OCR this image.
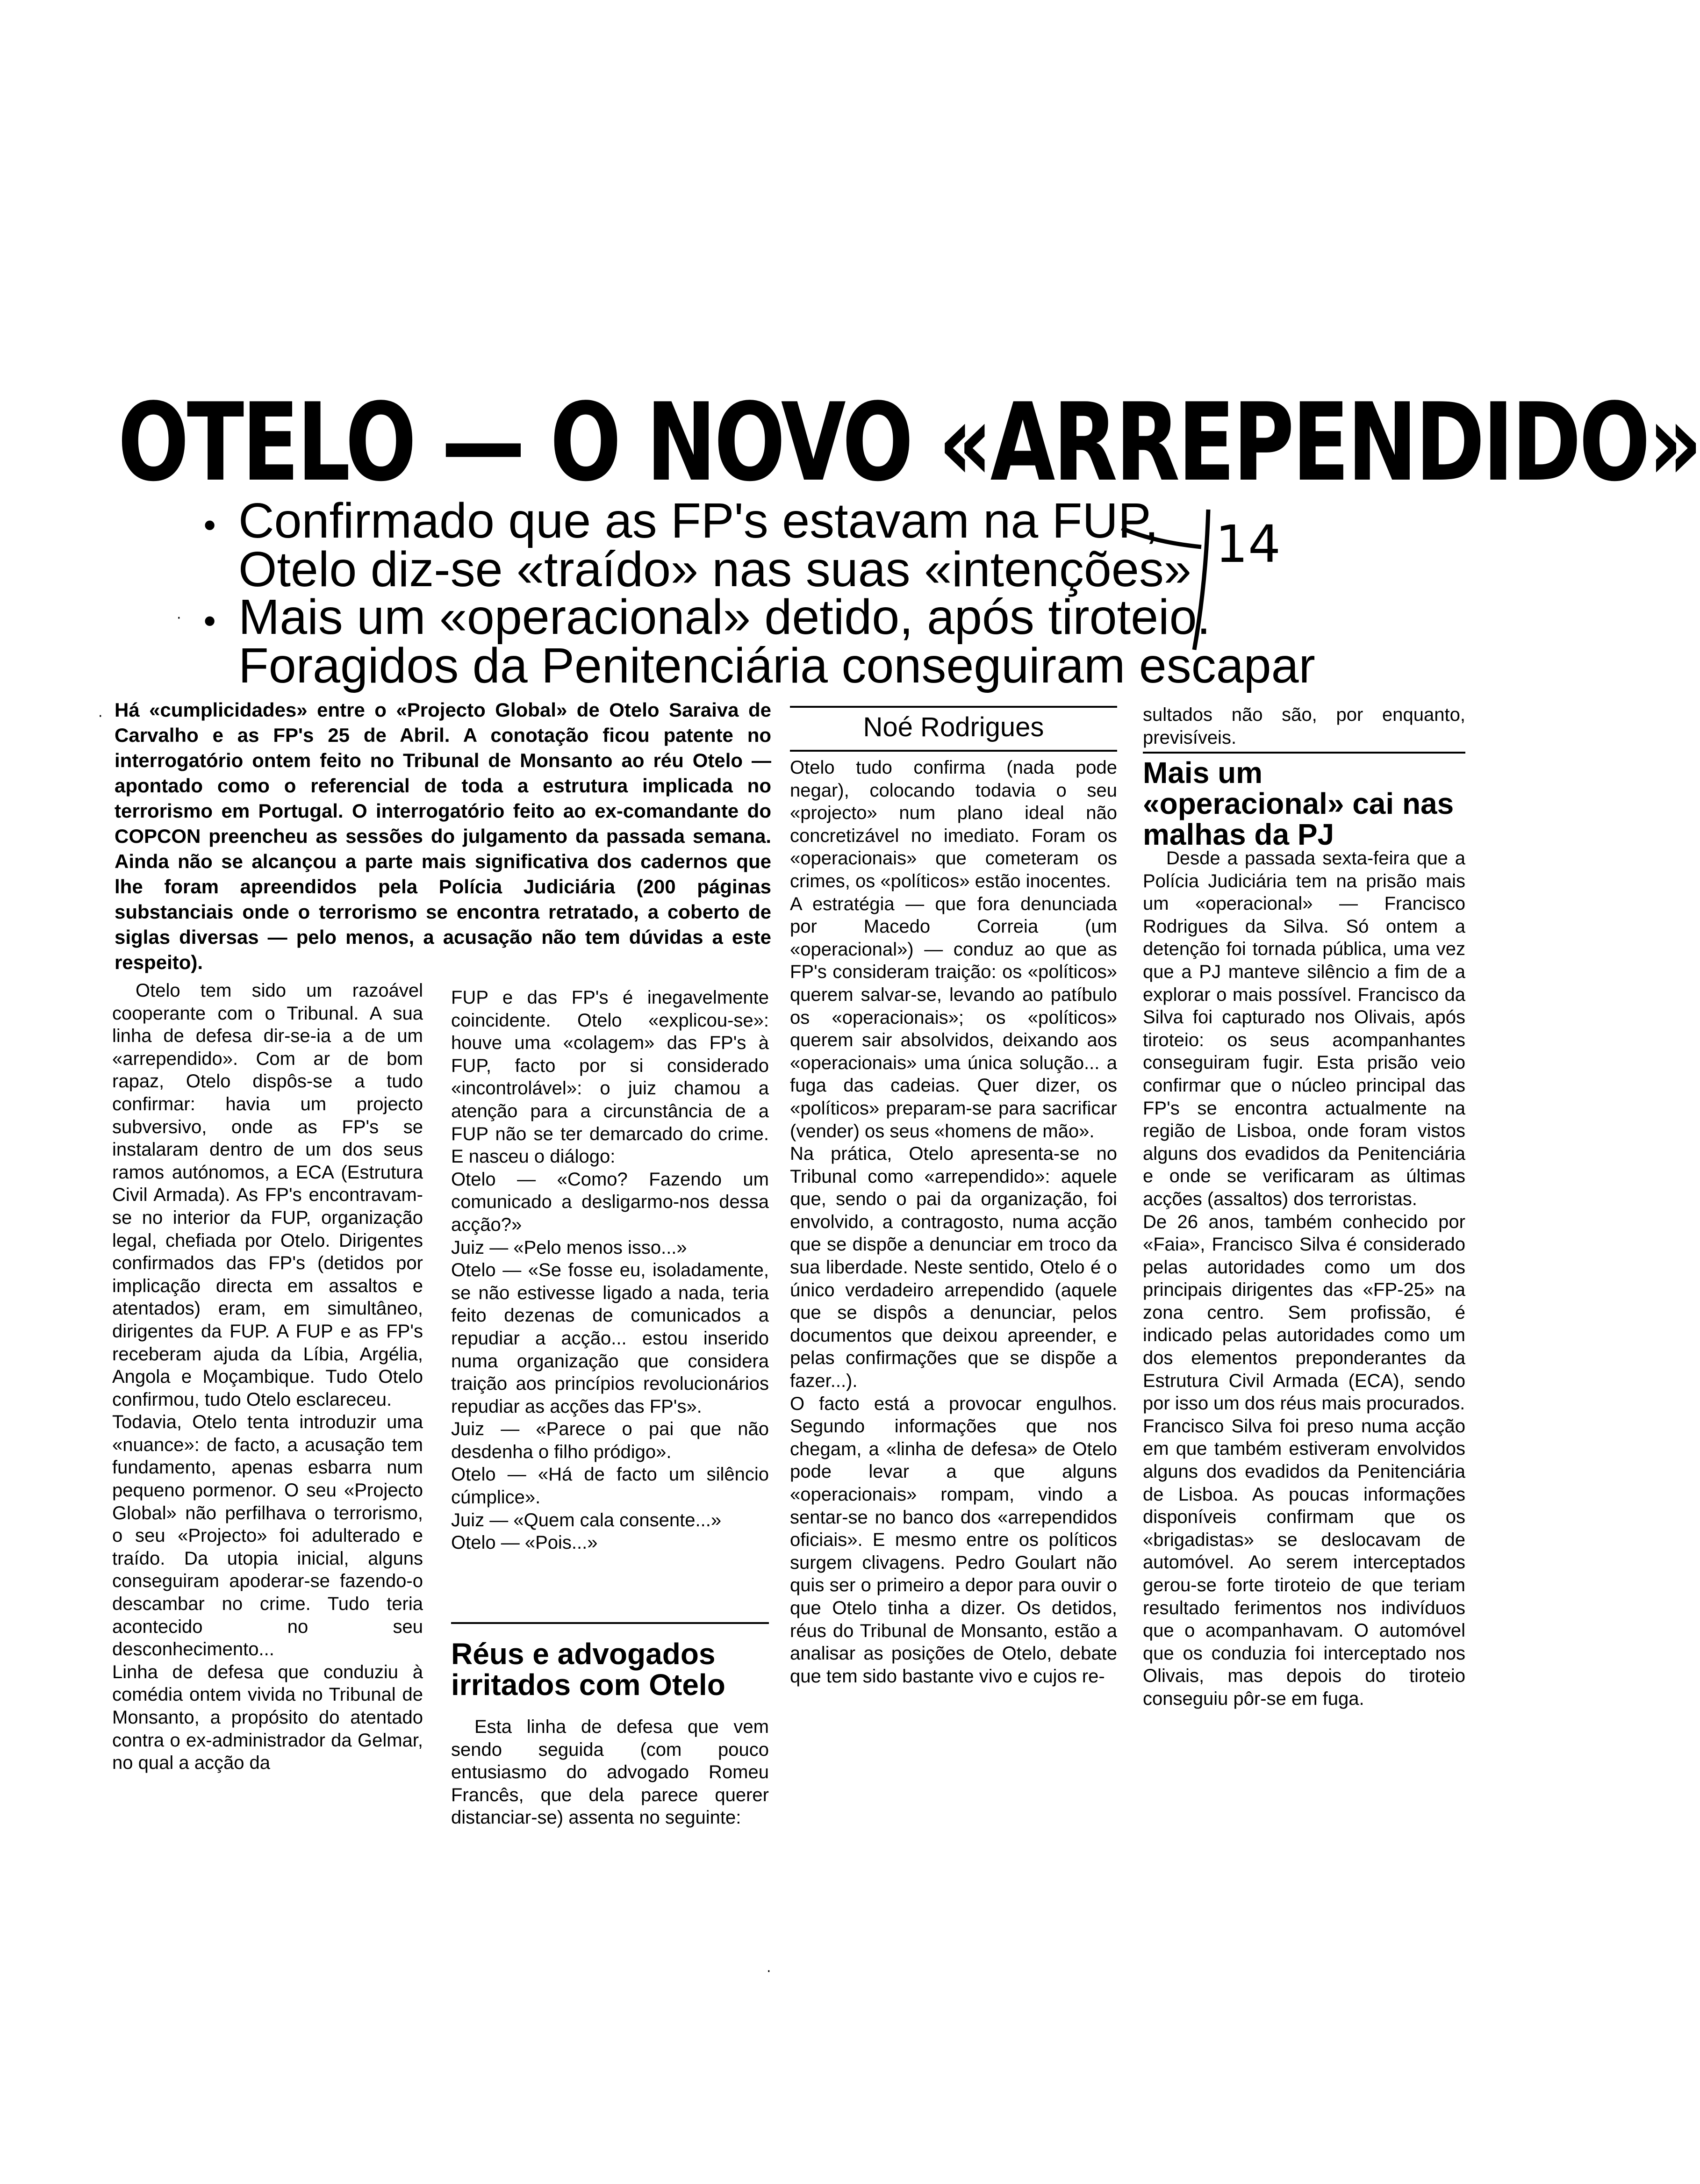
OTELO — O NOVO «ARREPENDIDO»
14
• Confirmado que as FP's estavam na FUP,
Otelo diz-se «traído» nas suas «intenções»
• Mais um «operacional» detido, após tiroteio.
Foragidos da Penitenciária conseguiram escapar
Noé Rodrigues
Há «cumplicidades» entre o «Projecto Global» de Otelo Saraiva de Carvalho e as FP's 25 de Abril. A conotação ficou patente no interrogatório ontem feito no Tribunal de Monsanto ao réu Otelo — apontado como o referencial de toda a estrutura implicada no terrorismo em Portugal. O interrogatório feito ao ex-comandante do COPCON preencheu as sessões do julgamento da passada semana. Ainda não se alcançou a parte mais significativa dos cadernos que lhe foram apreendidos pela Polícia Judiciária (200 páginas substanciais onde o terrorismo se encontra retratado, a coberto de siglas diversas — pelo menos, a acusação não tem dúvidas a este respeito).
Otelo tem sido um razoável cooperante com o Tribunal. A sua linha de defesa dir-se-ia a de um «arrependido». Com ar de bom rapaz, Otelo dispôs-se a tudo confirmar: havia um projecto subversivo, onde as FP's se instalaram dentro de um dos seus ramos autónomos, a ECA (Estrutura Civil Armada). As FP's encontravam-se no interior da FUP, organização legal, chefiada por Otelo. Dirigentes confirmados das FP's (detidos por implicação directa em assaltos e atentados) eram, em simultâneo, dirigentes da FUP. A FUP e as FP's receberam ajuda da Líbia, Argélia, Angola e Moçambique. Tudo Otelo confirmou, tudo Otelo esclareceu.
Todavia, Otelo tenta introduzir uma «nuance»: de facto, a acusação tem fundamento, apenas esbarra num pequeno pormenor. O seu «Projecto Global» não perfilhava o terrorismo, o seu «Projecto» foi adulterado e traído. Da utopia inicial, alguns conseguiram apoderar-se fazendo-o descambar no crime. Tudo teria acontecido no seu desconhecimento...
Linha de defesa que conduziu à comédia ontem vivida no Tribunal de Monsanto, a propósito do atentado contra o ex-administrador da Gelmar, no qual a acção da
FUP e das FP's é inegavelmente coincidente. Otelo «explicou-se»: houve uma «colagem» das FP's à FUP, facto por si considerado «incontrolável»: o juiz chamou a atenção para a circunstância de a FUP não se ter demarcado do crime. E nasceu o diálogo:
Otelo — «Como? Fazendo um comunicado a desligarmo-nos dessa acção?»
Juiz — «Pelo menos isso...»
Otelo — «Se fosse eu, isoladamente, se não estivesse ligado a nada, teria feito dezenas de comunicados a repudiar a acção... estou inserido numa organização que considera traição aos princípios revolucionários repudiar as acções das FP's».
Juiz — «Parece o pai que não desdenha o filho pródigo».
Otelo — «Há de facto um silêncio cúmplice».
Juiz — «Quem cala consente...»
Otelo — «Pois...»
Réus e advogados irritados com Otelo
Esta linha de defesa que vem sendo seguida (com pouco entusiasmo do advogado Romeu Francês, que dela parece querer distanciar-se) assenta no seguinte:
Otelo tudo confirma (nada pode negar), colocando todavia o seu «projecto» num plano ideal não concretizável no imediato. Foram os «operacionais» que cometeram os crimes, os «políticos» estão inocentes.
A estratégia — que fora denunciada por Macedo Correia (um «operacional») — conduz ao que as FP's consideram traição: os «políticos» querem salvar-se, levando ao patíbulo os «operacionais»; os «políticos» querem sair absolvidos, deixando aos «operacionais» uma única solução... a fuga das cadeias. Quer dizer, os «políticos» preparam-se para sacrificar (vender) os seus «homens de mão».
Na prática, Otelo apresenta-se no Tribunal como «arrependido»: aquele que, sendo o pai da organização, foi envolvido, a contragosto, numa acção que se dispõe a denunciar em troco da sua liberdade. Neste sentido, Otelo é o único verdadeiro arrependido (aquele que se dispôs a denunciar, pelos documentos que deixou apreender, e pelas confirmações que se dispõe a fazer...).
O facto está a provocar engulhos. Segundo informações que nos chegam, a «linha de defesa» de Otelo pode levar a que alguns «operacionais» rompam, vindo a sentar-se no banco dos «arrependidos oficiais». E mesmo entre os políticos surgem clivagens. Pedro Goulart não quis ser o primeiro a depor para ouvir o que Otelo tinha a dizer. Os detidos, réus do Tribunal de Monsanto, estão a analisar as posições de Otelo, debate que tem sido bastante vivo e cujos re-
sultados não são, por enquanto, previsíveis.
Mais um «operacional» cai nas malhas da PJ
Desde a passada sexta-feira que a Polícia Judiciária tem na prisão mais um «operacional» — Francisco Rodrigues da Silva. Só ontem a detenção foi tornada pública, uma vez que a PJ manteve silêncio a fim de a explorar o mais possível. Francisco da Silva foi capturado nos Olivais, após tiroteio: os seus acompanhantes conseguiram fugir. Esta prisão veio confirmar que o núcleo principal das FP's se encontra actualmente na região de Lisboa, onde foram vistos alguns dos evadidos da Penitenciária e onde se verificaram as últimas acções (assaltos) dos terroristas.
De 26 anos, também conhecido por «Faia», Francisco Silva é considerado pelas autoridades como um dos principais dirigentes das «FP-25» na zona centro. Sem profissão, é indicado pelas autoridades como um dos elementos preponderantes da Estrutura Civil Armada (ECA), sendo por isso um dos réus mais procurados.
Francisco Silva foi preso numa acção em que também estiveram envolvidos alguns dos evadidos da Penitenciária de Lisboa. As poucas informações disponíveis confirmam que os «brigadistas» se deslocavam de automóvel. Ao serem interceptados gerou-se forte tiroteio de que teriam resultado ferimentos nos indivíduos que o acompanhavam. O automóvel que os conduzia foi interceptado nos Olivais, mas depois do tiroteio conseguiu pôr-se em fuga.
·
·
·
